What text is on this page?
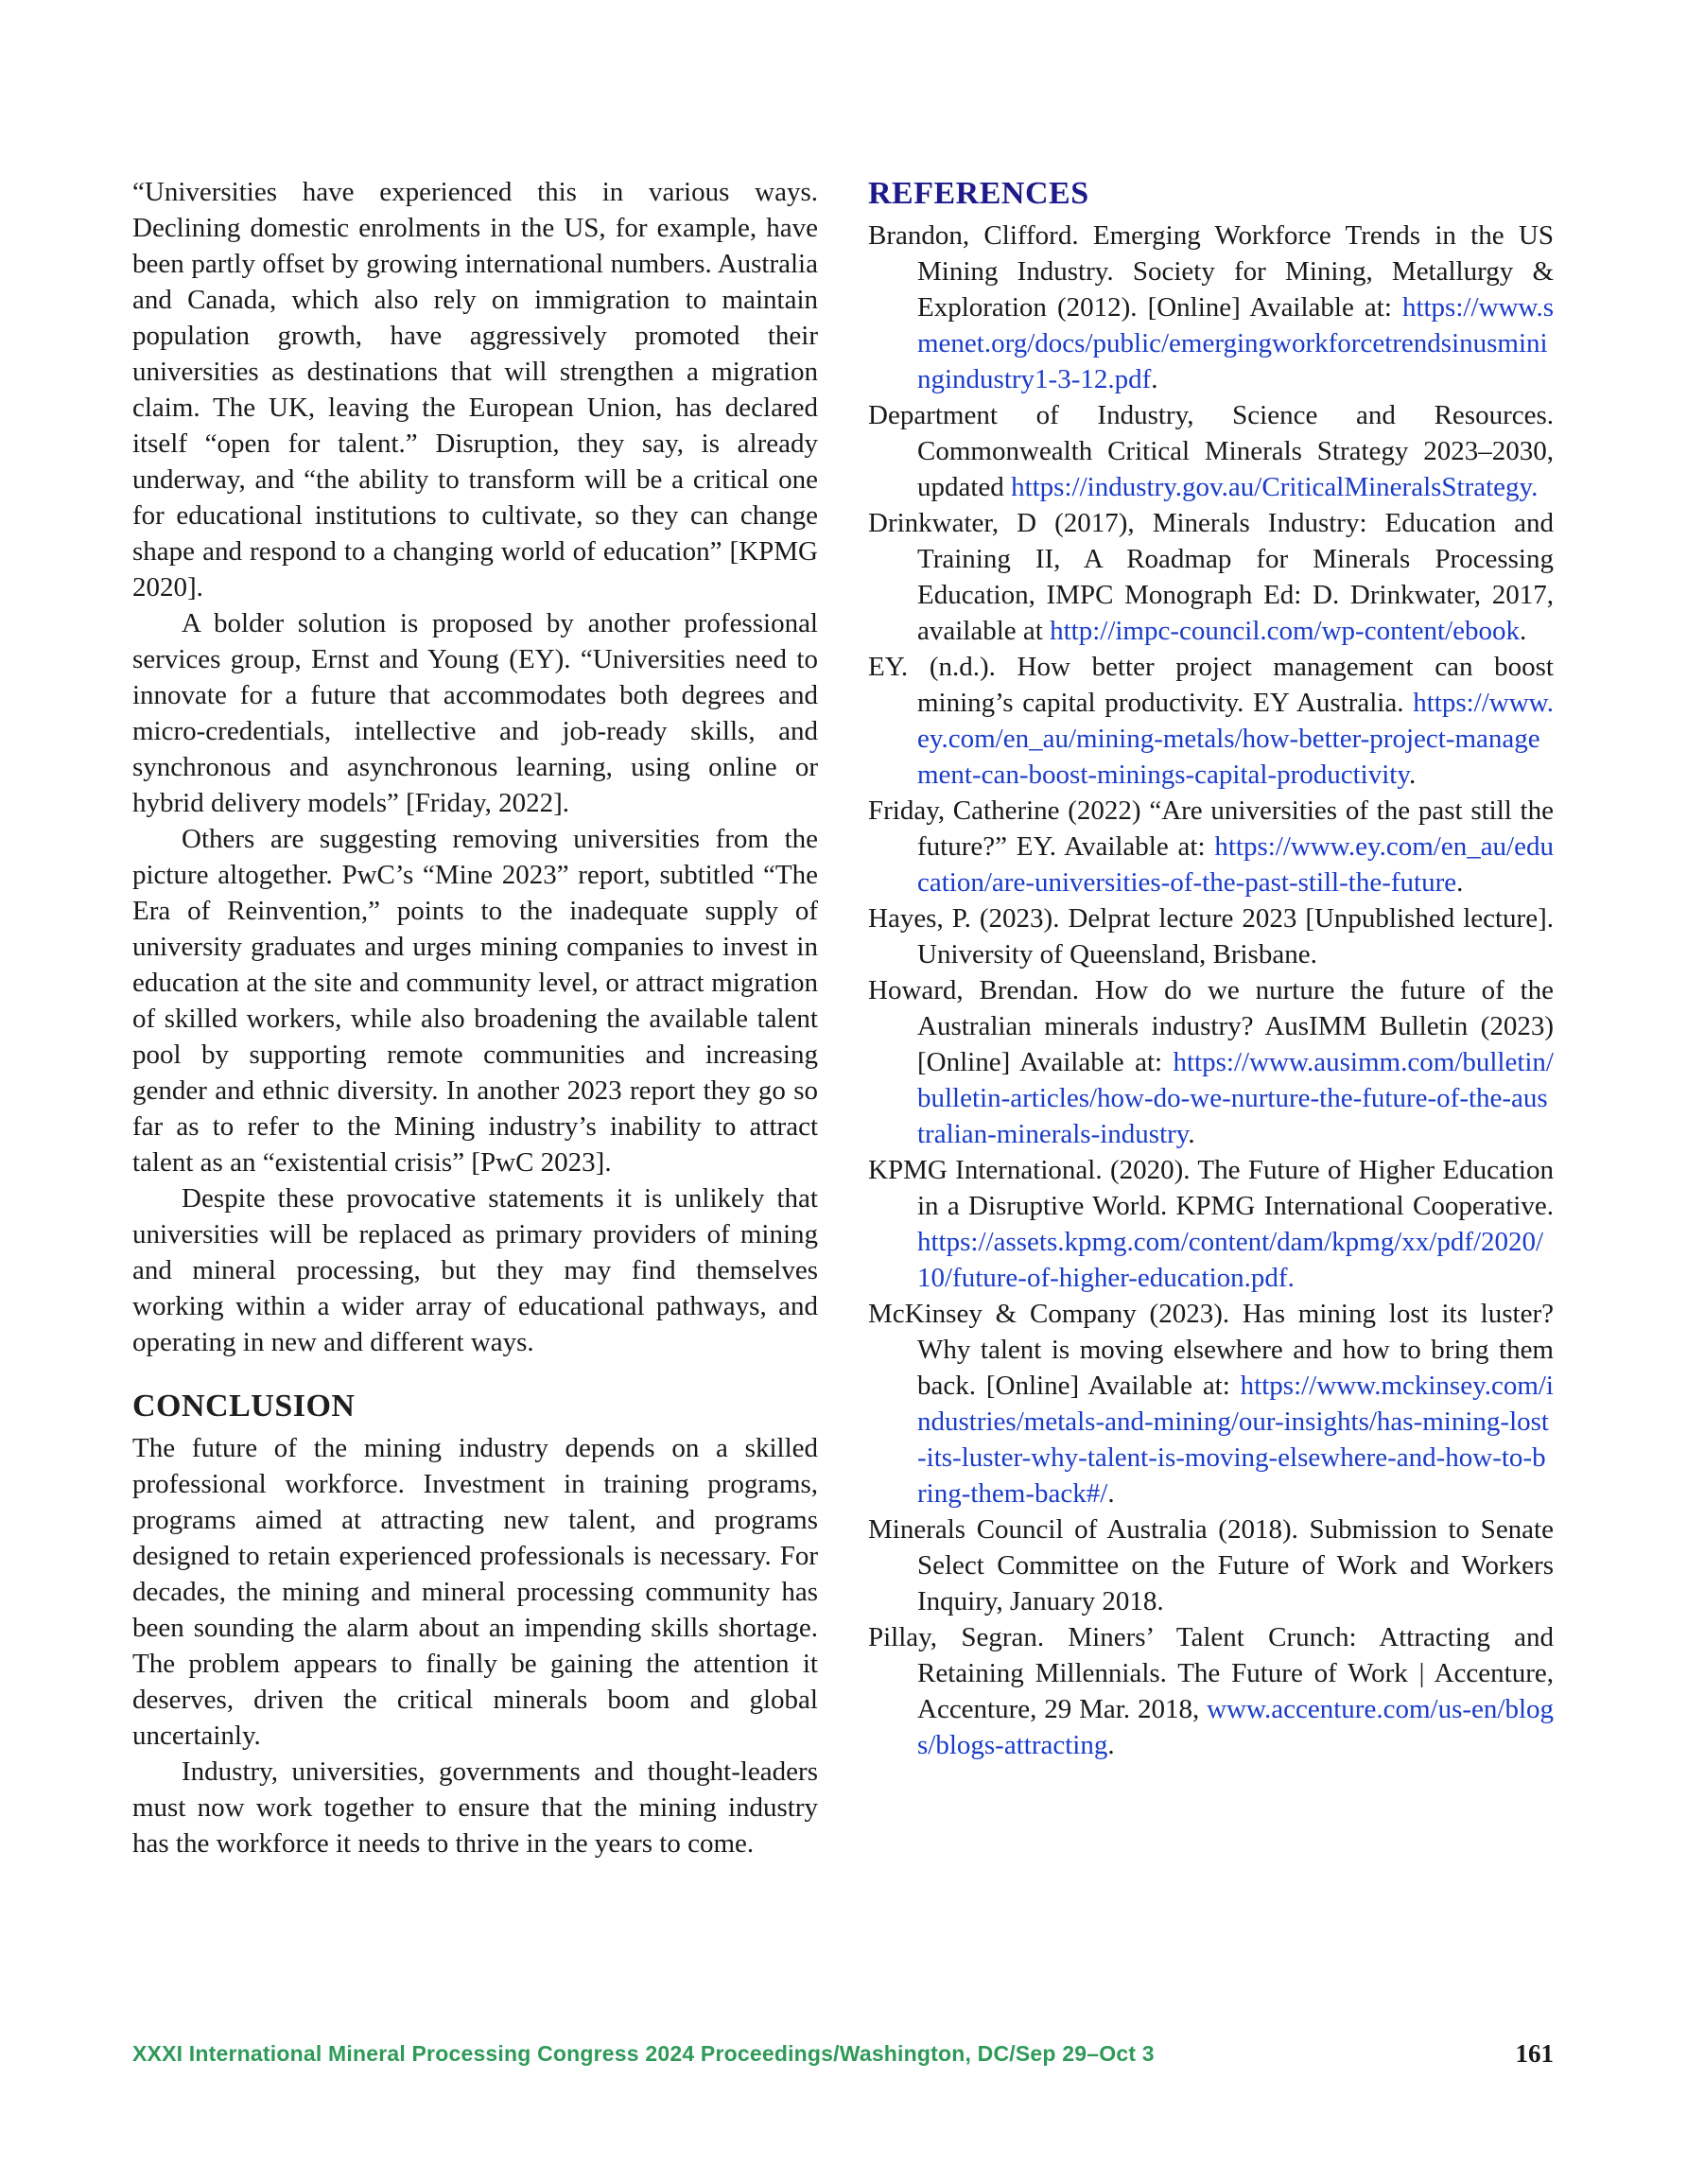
“Universities have experienced this in various ways. Declining domestic enrolments in the US, for example, have been partly offset by growing international numbers. Australia and Canada, which also rely on immigration to maintain population growth, have aggressively promoted their universities as destinations that will strengthen a migration claim. The UK, leaving the European Union, has declared itself “open for talent.” Disruption, they say, is already underway, and “the ability to transform will be a critical one for educational institutions to cultivate, so they can change shape and respond to a changing world of education” [KPMG 2020].

A bolder solution is proposed by another professional services group, Ernst and Young (EY). “Universities need to innovate for a future that accommodates both degrees and micro-credentials, intellective and job-ready skills, and synchronous and asynchronous learning, using online or hybrid delivery models” [Friday, 2022].

Others are suggesting removing universities from the picture altogether. PwC’s “Mine 2023” report, subtitled “The Era of Reinvention,” points to the inadequate supply of university graduates and urges mining companies to invest in education at the site and community level, or attract migration of skilled workers, while also broadening the available talent pool by supporting remote communities and increasing gender and ethnic diversity. In another 2023 report they go so far as to refer to the Mining industry’s inability to attract talent as an “existential crisis” [PwC 2023].

Despite these provocative statements it is unlikely that universities will be replaced as primary providers of mining and mineral processing, but they may find themselves working within a wider array of educational pathways, and operating in new and different ways.

CONCLUSION

The future of the mining industry depends on a skilled professional workforce. Investment in training programs, programs aimed at attracting new talent, and programs designed to retain experienced professionals is necessary. For decades, the mining and mineral processing community has been sounding the alarm about an impending skills shortage. The problem appears to finally be gaining the attention it deserves, driven the critical minerals boom and global uncertainly.

Industry, universities, governments and thought-leaders must now work together to ensure that the mining industry has the workforce it needs to thrive in the years to come.

REFERENCES

Brandon, Clifford. Emerging Workforce Trends in the US Mining Industry. Society for Mining, Metallurgy & Exploration (2012). [Online] Available at: https://www.smenet.org/docs/public/emergingworkforcetrendsinusminingindustry1-3-12.pdf.

Department of Industry, Science and Resources. Commonwealth Critical Minerals Strategy 2023–2030, updated https://industry.gov.au/CriticalMineralsStrategy.

Drinkwater, D (2017), Minerals Industry: Education and Training II, A Roadmap for Minerals Processing Education, IMPC Monograph Ed: D. Drinkwater, 2017, available at http://impc-council.com/wp-content/ebook.

EY. (n.d.). How better project management can boost mining’s capital productivity. EY Australia. https://www.ey.com/en_au/mining-metals/how-better-project-management-can-boost-minings-capital-productivity.

Friday, Catherine (2022) “Are universities of the past still the future?” EY. Available at: https://www.ey.com/en_au/education/are-universities-of-the-past-still-the-future.

Hayes, P. (2023). Delprat lecture 2023 [Unpublished lecture]. University of Queensland, Brisbane.

Howard, Brendan. How do we nurture the future of the Australian minerals industry? AusIMM Bulletin (2023) [Online] Available at: https://www.ausimm.com/bulletin/bulletin-articles/how-do-we-nurture-the-future-of-the-australian-minerals-industry.

KPMG International. (2020). The Future of Higher Education in a Disruptive World. KPMG International Cooperative. https://assets.kpmg.com/content/dam/kpmg/xx/pdf/2020/10/future-of-higher-education.pdf.

McKinsey & Company (2023). Has mining lost its luster? Why talent is moving elsewhere and how to bring them back. [Online] Available at: https://www.mckinsey.com/industries/metals-and-mining/our-insights/has-mining-lost-its-luster-why-talent-is-moving-elsewhere-and-how-to-bring-them-back#/.

Minerals Council of Australia (2018). Submission to Senate Select Committee on the Future of Work and Workers Inquiry, January 2018.

Pillay, Segran. Miners’ Talent Crunch: Attracting and Retaining Millennials. The Future of Work | Accenture, Accenture, 29 Mar. 2018, www.accenture.com/us-en/blogs/blogs-attracting.

XXXI International Mineral Processing Congress 2024 Proceedings/Washington, DC/Sep 29–Oct 3	161
